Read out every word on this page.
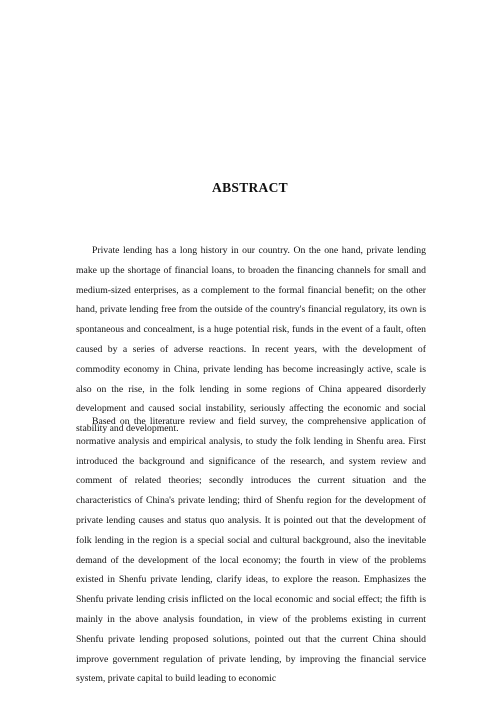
ABSTRACT

Private lending has a long history in our country. On the one hand, private lending make up the shortage of financial loans, to broaden the financing channels for small and medium-sized enterprises, as a complement to the formal financial benefit; on the other hand, private lending free from the outside of the country's financial regulatory, its own is spontaneous and concealment, is a huge potential risk, funds in the event of a fault, often caused by a series of adverse reactions. In recent years, with the development of commodity economy in China, private lending has become increasingly active, scale is also on the rise, in the folk lending in some regions of China appeared disorderly development and caused social instability, seriously affecting the economic and social stability and development.

Based on the literature review and field survey, the comprehensive application of normative analysis and empirical analysis, to study the folk lending in Shenfu area. First introduced the background and significance of the research, and system review and comment of related theories; secondly introduces the current situation and the characteristics of China's private lending; third of Shenfu region for the development of private lending causes and status quo analysis. It is pointed out that the development of folk lending in the region is a special social and cultural background, also the inevitable demand of the development of the local economy; the fourth in view of the problems existed in Shenfu private lending, clarify ideas, to explore the reason. Emphasizes the Shenfu private lending crisis inflicted on the local economic and social effect; the fifth is mainly in the above analysis foundation, in view of the problems existing in current Shenfu private lending proposed solutions, pointed out that the current China should improve government regulation of private lending, by improving the financial service system, private capital to build leading to economic
